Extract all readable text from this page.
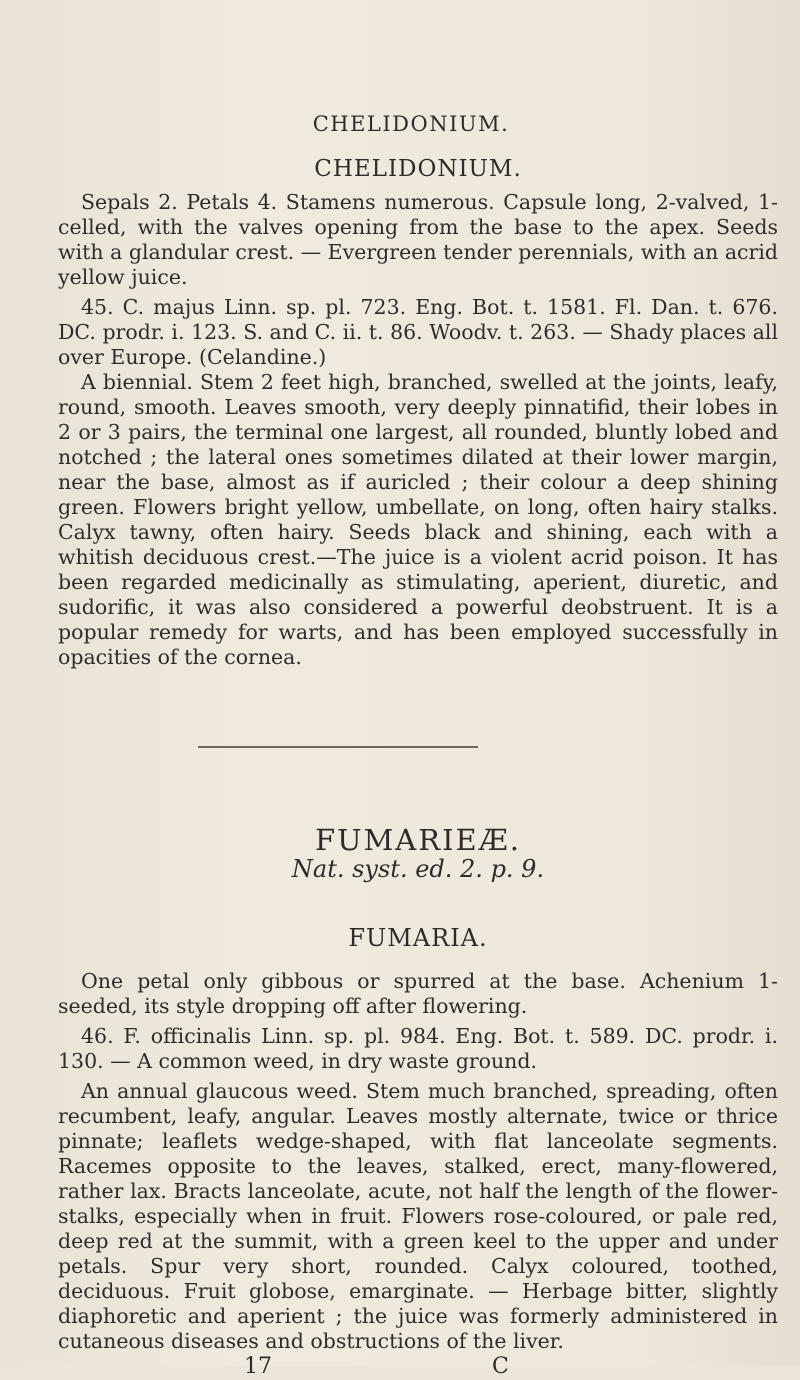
CHELIDONIUM.
CHELIDONIUM.

Sepals 2. Petals 4. Stamens numerous. Capsule long, 2-valved, 1-celled, with the valves opening from the base to the apex. Seeds with a glandular crest. — Evergreen tender perennials, with an acrid yellow juice.

45. C. majus Linn. sp. pl. 723. Eng. Bot. t. 1581. Fl. Dan. t. 676. DC. prodr. i. 123. S. and C. ii. t. 86. Woodv. t. 263. — Shady places all over Europe. (Celandine.)

A biennial. Stem 2 feet high, branched, swelled at the joints, leafy, round, smooth. Leaves smooth, very deeply pinnatifid, their lobes in 2 or 3 pairs, the terminal one largest, all rounded, bluntly lobed and notched ; the lateral ones sometimes dilated at their lower margin, near the base, almost as if auricled ; their colour a deep shining green. Flowers bright yellow, umbellate, on long, often hairy stalks. Calyx tawny, often hairy. Seeds black and shining, each with a whitish deciduous crest.—The juice is a violent acrid poison. It has been regarded medicinally as stimulating, aperient, diuretic, and sudorific, it was also considered a powerful deobstruent. It is a popular remedy for warts, and has been employed successfully in opacities of the cornea.

FUMARIEÆ.
Nat. syst. ed. 2. p. 9.
FUMARIA.

One petal only gibbous or spurred at the base. Achenium 1-seeded, its style dropping off after flowering.

46. F. officinalis Linn. sp. pl. 984. Eng. Bot. t. 589. DC. prodr. i. 130. — A common weed, in dry waste ground.

An annual glaucous weed. Stem much branched, spreading, often recumbent, leafy, angular. Leaves mostly alternate, twice or thrice pinnate; leaflets wedge-shaped, with flat lanceolate segments. Racemes opposite to the leaves, stalked, erect, many-flowered, rather lax. Bracts lanceolate, acute, not half the length of the flower-stalks, especially when in fruit. Flowers rose-coloured, or pale red, deep red at the summit, with a green keel to the upper and under petals. Spur very short, rounded. Calyx coloured, toothed, deciduous. Fruit globose, emarginate. — Herbage bitter, slightly diaphoretic and aperient ; the juice was formerly administered in cutaneous diseases and obstructions of the liver.

17	C
